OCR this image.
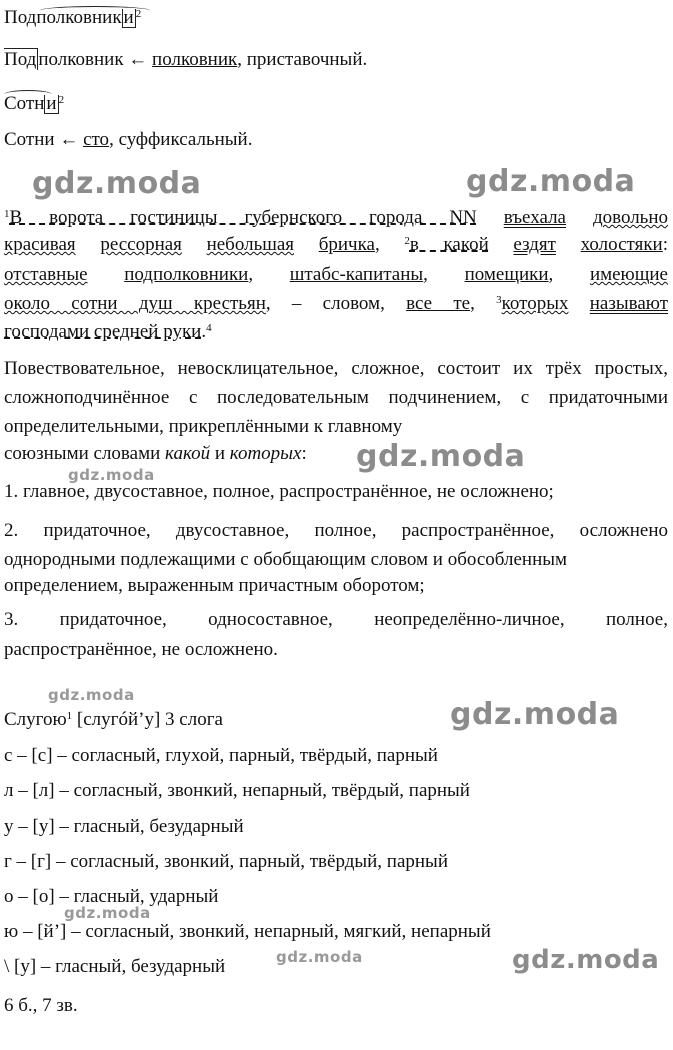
Подполковник и $^2$
Под полковник ← полковник, приставочный.
Сотн и $^2$
Сотни ← сто, суффиксальный.
$^1$В ворота гостиницы губернского города NN въехала довольно
красивая рессорная небольшая бричка, $^2$в какой ездят холостяки:
отставные подполковники, штабс-капитаны, помещики, имеющие
около сотни душ крестьян, – словом, все те, $^3$которых называют
господами средней руки.$^4$
Повествовательное, невосклицательное, сложное, состоит их трёх простых, сложноподчинённое с последовательным подчинением, с придаточными определительными, прикреплёнными к главному
союзными словами какой и которых:
1. главное, двусоставное, полное, распространённое, не осложнено;
2. придаточное, двусоставное, полное, распространённое, осложнено однородными подлежащими с обобщающим словом и обособленным
определением, выраженным причастным оборотом;
3. придаточное, односоставное, неопределённо-личное, полное,
распространённое, не осложнено.
Слугою$^1$ [слугóй’у] 3 слога
с – [с] – согласный, глухой, парный, твёрдый, парный
л – [л] – согласный, звонкий, непарный, твёрдый, парный
у – [у] – гласный, безударный
г – [г] – согласный, звонкий, парный, твёрдый, парный
о – [о] – гласный, ударный
ю – [й’] – согласный, звонкий, непарный, мягкий, непарный
\ [у] – гласный, безударный
6 б., 7 зв.
gdz.moda	gdz.moda
gdz.moda
gdz.moda
gdz.moda
gdz.moda
gdz.moda
gdz.moda	gdz.moda
